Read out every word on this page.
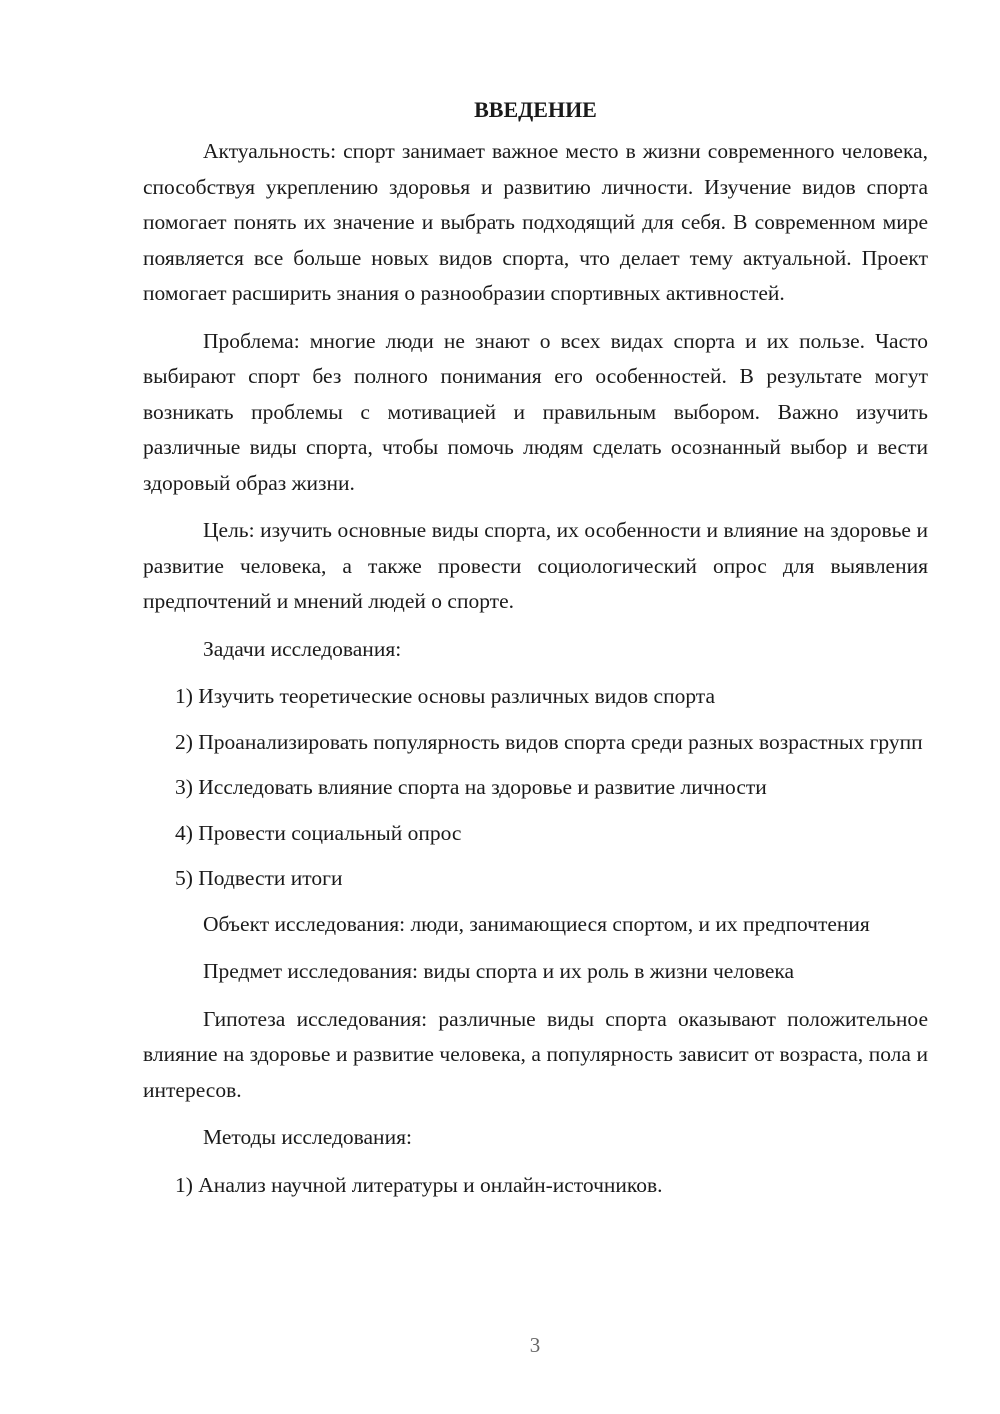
ВВЕДЕНИЕ

Актуальность: спорт занимает важное место в жизни современного человека, способствуя укреплению здоровья и развитию личности. Изучение видов спорта помогает понять их значение и выбрать подходящий для себя. В современном мире появляется все больше новых видов спорта, что делает тему актуальной. Проект помогает расширить знания о разнообразии спортивных активностей.

Проблема: многие люди не знают о всех видах спорта и их пользе. Часто выбирают спорт без полного понимания его особенностей. В результате могут возникать проблемы с мотивацией и правильным выбором. Важно изучить различные виды спорта, чтобы помочь людям сделать осознанный выбор и вести здоровый образ жизни.

Цель: изучить основные виды спорта, их особенности и влияние на здоровье и развитие человека, а также провести социологический опрос для выявления предпочтений и мнений людей о спорте.

Задачи исследования:

1) Изучить теоретические основы различных видов спорта

2) Проанализировать популярность видов спорта среди разных возрастных групп

3) Исследовать влияние спорта на здоровье и развитие личности

4) Провести социальный опрос

5) Подвести итоги

Объект исследования: люди, занимающиеся спортом, и их предпочтения

Предмет исследования: виды спорта и их роль в жизни человека

Гипотеза исследования: различные виды спорта оказывают положительное влияние на здоровье и развитие человека, а популярность зависит от возраста, пола и интересов.

Методы исследования:

1) Анализ научной литературы и онлайн-источников.

3
